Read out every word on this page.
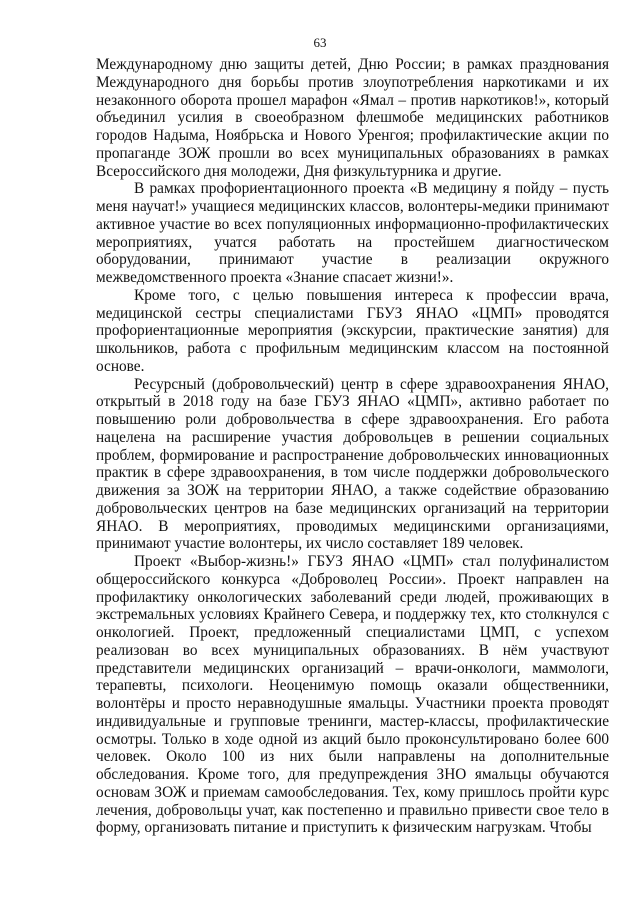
63

Международному дню защиты детей, Дню России; в рамках празднования Международного дня борьбы против злоупотребления наркотиками и их незаконного оборота прошел марафон «Ямал – против наркотиков!», который объединил усилия в своеобразном флешмобе медицинских работников городов Надыма, Ноябрьска и Нового Уренгоя; профилактические акции по пропаганде ЗОЖ прошли во всех муниципальных образованиях в рамках Всероссийского дня молодежи, Дня физкультурника и другие.

В рамках профориентационного проекта «В медицину я пойду – пусть меня научат!» учащиеся медицинских классов, волонтеры-медики принимают активное участие во всех популяционных информационно-профилактических мероприятиях, учатся работать на простейшем диагностическом оборудовании, принимают участие в реализации окружного межведомственного проекта «Знание спасает жизни!».

Кроме того, с целью повышения интереса к профессии врача, медицинской сестры специалистами ГБУЗ ЯНАО «ЦМП» проводятся профориентационные мероприятия (экскурсии, практические занятия) для школьников, работа с профильным медицинским классом на постоянной основе.

Ресурсный (добровольческий) центр в сфере здравоохранения ЯНАО, открытый в 2018 году на базе ГБУЗ ЯНАО «ЦМП», активно работает по повышению роли добровольчества в сфере здравоохранения. Его работа нацелена на расширение участия добровольцев в решении социальных проблем, формирование и распространение добровольческих инновационных практик в сфере здравоохранения, в том числе поддержки добровольческого движения за ЗОЖ на территории ЯНАО, а также содействие образованию добровольческих центров на базе медицинских организаций на территории ЯНАО. В мероприятиях, проводимых медицинскими организациями, принимают участие волонтеры, их число составляет 189 человек.

Проект «Выбор-жизнь!» ГБУЗ ЯНАО «ЦМП» стал полуфиналистом общероссийского конкурса «Доброволец России». Проект направлен на профилактику онкологических заболеваний среди людей, проживающих в экстремальных условиях Крайнего Севера, и поддержку тех, кто столкнулся с онкологией. Проект, предложенный специалистами ЦМП, с успехом реализован во всех муниципальных образованиях. В нём участвуют представители медицинских организаций – врачи-онкологи, маммологи, терапевты, психологи. Неоценимую помощь оказали общественники, волонтёры и просто неравнодушные ямальцы. Участники проекта проводят индивидуальные и групповые тренинги, мастер-классы, профилактические осмотры. Только в ходе одной из акций было проконсультировано более 600 человек. Около 100 из них были направлены на дополнительные обследования. Кроме того, для предупреждения ЗНО ямальцы обучаются основам ЗОЖ и приемам самообследования. Тех, кому пришлось пройти курс лечения, добровольцы учат, как постепенно и правильно привести свое тело в форму, организовать питание и приступить к физическим нагрузкам. Чтобы
